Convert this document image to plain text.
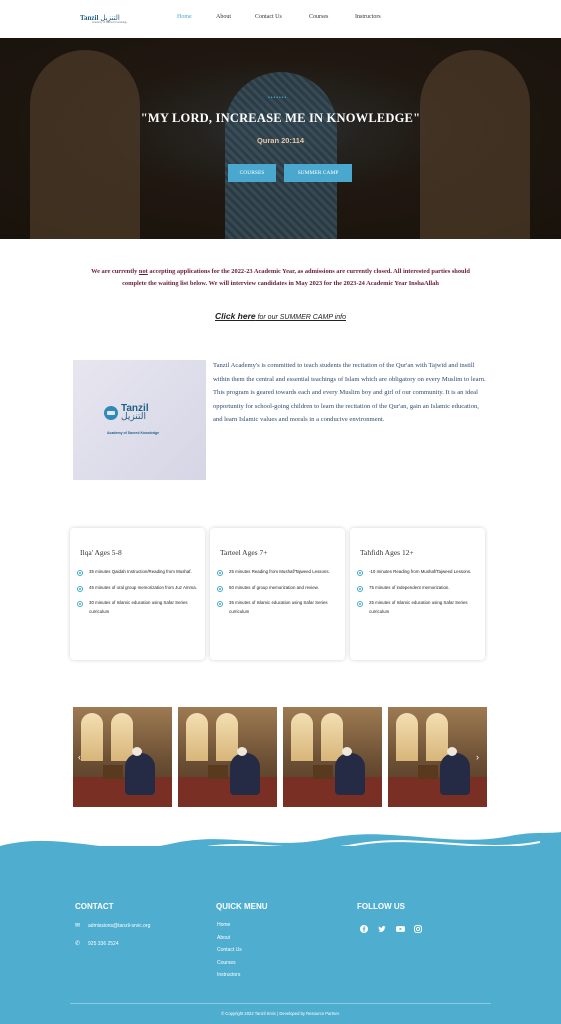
Tanzil التنزيل
Academy of Sacred Knowledge
Home	About	Contact Us	Courses	Instructors
•••••••
"MY LORD, INCREASE ME IN KNOWLEDGE"
Quran 20:114
COURSES	SUMMER CAMP
We are currently not accepting applications for the 2022-23 Academic Year, as admissions are currently closed. All interested parties should complete the waiting list below. We will interview candidates in May 2023 for the 2023-24 Academic Year InshaAllah
Click here for our SUMMER CAMP info
Tanzil
التنزيل
Academy of Sacred Knowledge

Tanzil Academy's is committed to teach students the recitation of the Qur'an with Tajwīd and instill within them the central and essential teachings of Islam which are obligatory on every Muslim to learn. This program is geared towards each and every Muslim boy and girl of our community. It is an ideal opportunity for school-going children to learn the recitation of the Qur'an, gain an Islamic education, and learn Islamic values and morals in a conducive environment.

Ilqa' Ages 5-8
35 minutes Qaidah Instruction/Reading from Mushaf.
45 minutes of oral group memorization from Juz Amma.
30 minutes of Islamic education using Safar Series curriculum
Tarteel Ages 7+
25 minutes Reading from Mushaf/Tajweed Lessons.
50 minutes of group memorization and review.
35 minutes of Islamic education using Safar Series curriculum
Tahfidh Ages 12+
-10 minutes Reading from Mushaf/Tajweed Lessons.
75 minutes of independent memorization.
25 minutes of Islamic education using Safar Series curriculum
‹	›
CONTACT
✉ admissions@tanzil-srvic.org
✆ 925 336 2524
QUICK MENU
Home
About
Contact Us
Courses
Instructors
FOLLOW US
© Copyright 2022 Tanzil Srvic | Developed by Resource Partner.
